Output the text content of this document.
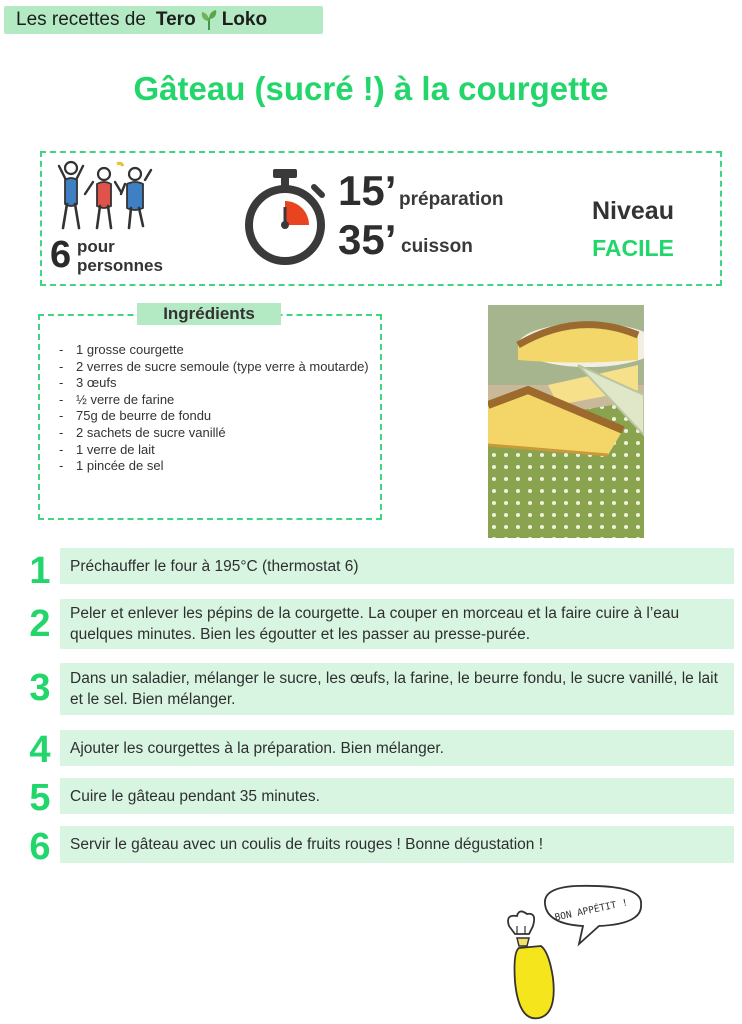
Les recettes de Tero Loko
Gâteau (sucré !) à la courgette
6 pour
personnes
15’ préparation
35’ cuisson
Niveau
FACILE
Ingrédients
- 1 grosse courgette
- 2 verres de sucre semoule (type verre à moutarde)
- 3 œufs
- ½ verre de farine
- 75g de beurre de fondu
- 2 sachets de sucre vanillé
- 1 verre de lait
- 1 pincée de sel
1	Préchauffer le four à 195°C (thermostat 6)
2	Peler et enlever les pépins de la courgette. La couper en morceau et la faire cuire à l’eau quelques minutes. Bien les égoutter et les passer au presse-purée.
3	Dans un saladier, mélanger le sucre, les œufs, la farine, le beurre fondu, le sucre vanillé, le lait et le sel. Bien mélanger.
4	Ajouter les courgettes à la préparation. Bien mélanger.
5	Cuire le gâteau pendant 35 minutes.
6	Servir le gâteau avec un coulis de fruits rouges ! Bonne dégustation !
BON APPÉTIT !
